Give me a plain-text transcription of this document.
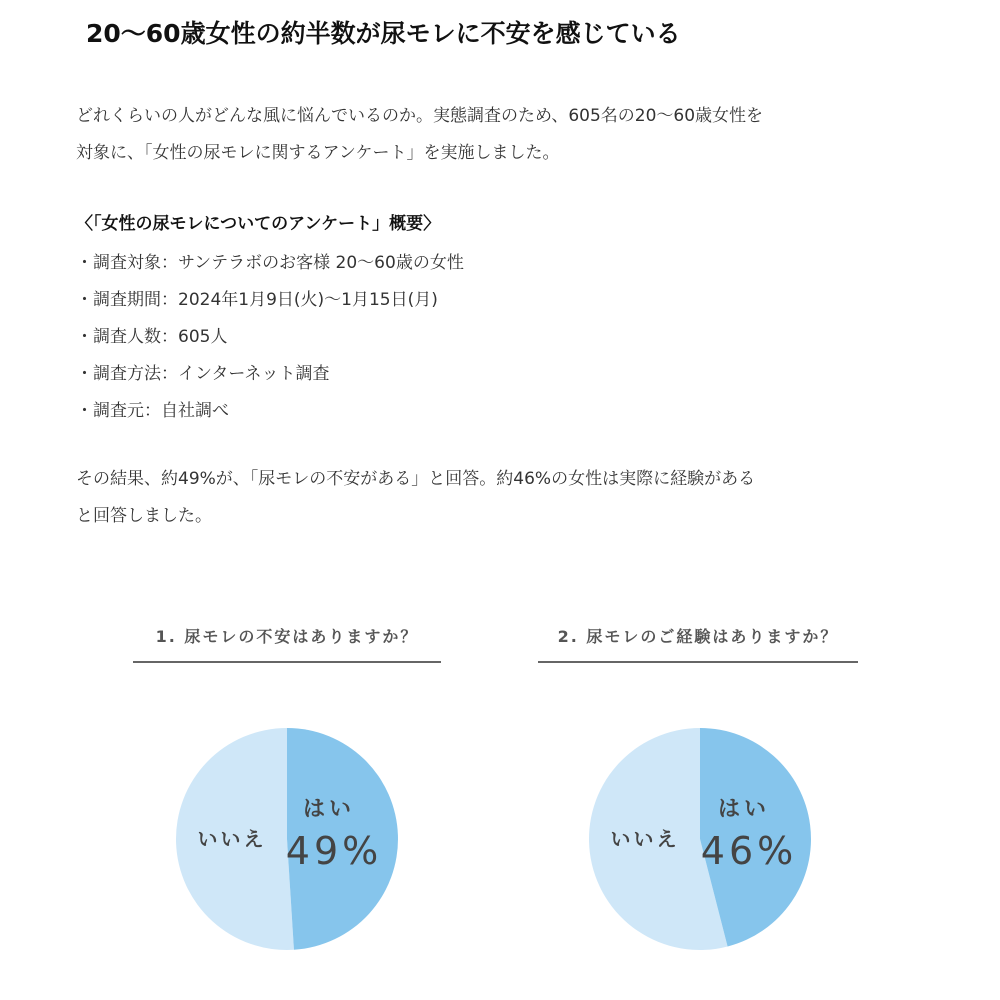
20～60歳女性の約半数が尿モレに不安を感じている

どれくらいの人がどんな風に悩んでいるのか。実態調査のため、605名の20～60歳女性を
対象に、「女性の尿モレに関するアンケート」を実施しました。

〈「女性の尿モレについてのアンケート」概要〉

・調査対象：サンテラボのお客様 20～60歳の女性
・調査期間：2024年1月9日(火)～1月15日(月)
・調査人数：605人
・調査方法：インターネット調査
・調査元：自社調べ

その結果、約49%が、「尿モレの不安がある」と回答。約46%の女性は実際に経験がある
と回答しました。

1. 尿モレの不安はありますか？	2. 尿モレのご経験はありますか？

はい
49%
いいえ
はい
46%
いいえ
